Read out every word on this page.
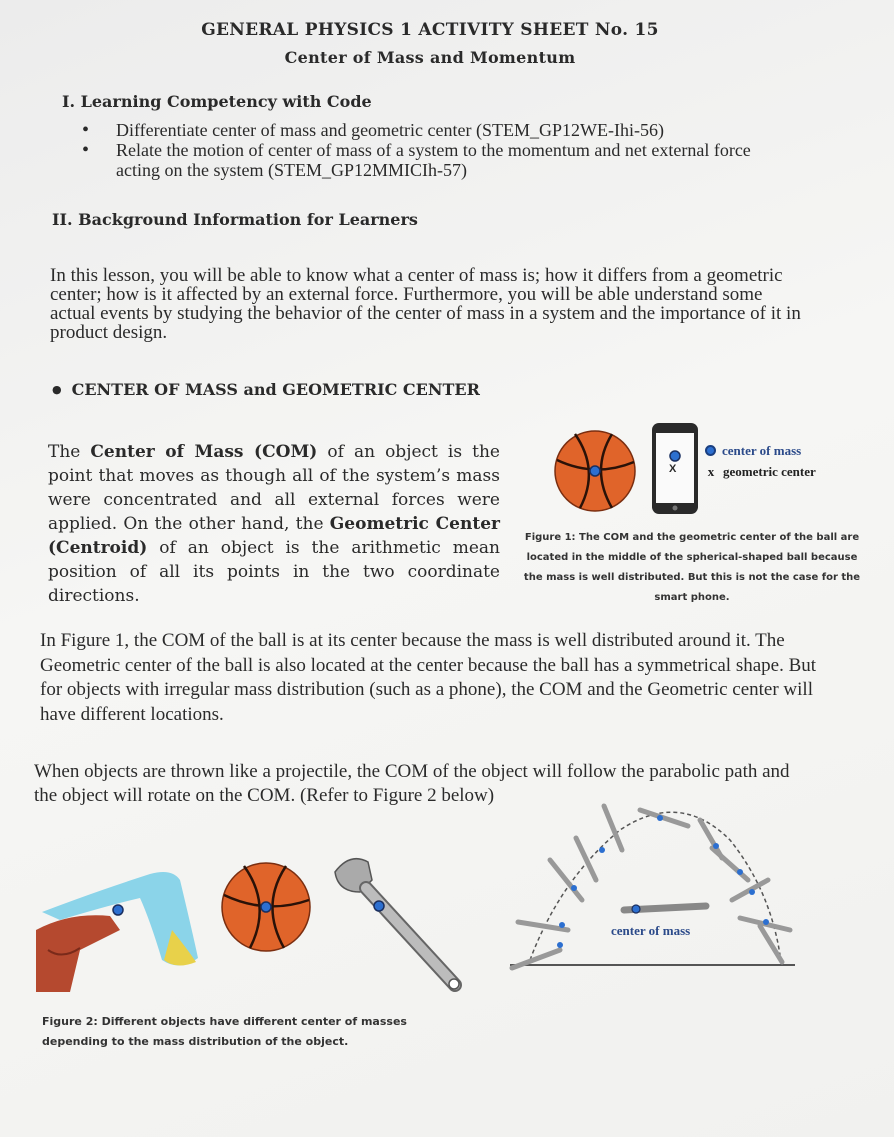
GENERAL PHYSICS 1 ACTIVITY SHEET No. 15
Center of Mass and Momentum
I. Learning Competency with Code
• Differentiate center of mass and geometric center (STEM_GP12WE-Ihi-56)
• Relate the motion of center of mass of a system to the momentum and net external force acting on the system (STEM_GP12MMICIh-57)
II. Background Information for Learners
In this lesson, you will be able to know what a center of mass is; how it differs from a geometric center; how is it affected by an external force. Furthermore, you will be able understand some actual events by studying the behavior of the center of mass in a system and the importance of it in product design.
● CENTER OF MASS and GEOMETRIC CENTER
The Center of Mass (COM) of an object is the point that moves as though all of the system’s mass were concentrated and all external forces were applied. On the other hand, the Geometric Center (Centroid) of an object is the arithmetic mean position of all its points in the two coordinate directions.
X
center of mass
x geometric center
Figure 1: The COM and the geometric center of the ball are located in the middle of the spherical-shaped ball because the mass is well distributed. But this is not the case for the smart phone.
In Figure 1, the COM of the ball is at its center because the mass is well distributed around it. The Geometric center of the ball is also located at the center because the ball has a symmetrical shape. But for objects with irregular mass distribution (such as a phone), the COM and the Geometric center will have different locations.
When objects are thrown like a projectile, the COM of the object will follow the parabolic path and the object will rotate on the COM. (Refer to Figure 2 below)
center of mass
Figure 2: Different objects have different center of masses depending to the mass distribution of the object.
